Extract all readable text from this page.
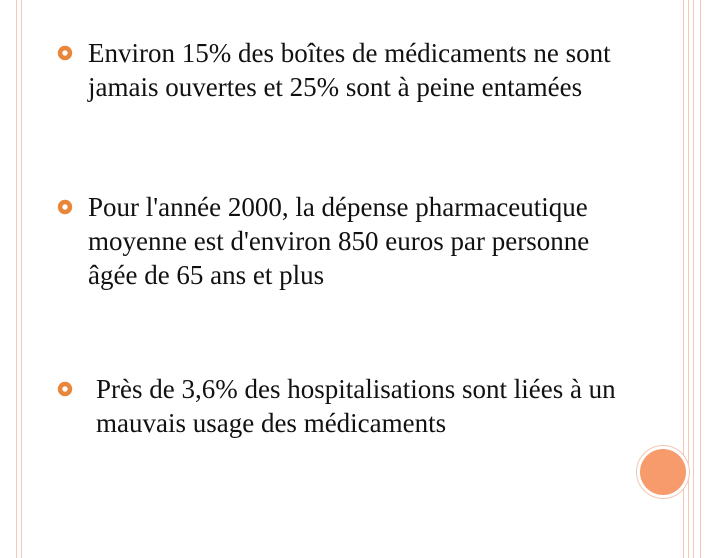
Environ 15% des boîtes de médicaments ne sont jamais ouvertes et 25% sont à peine entamées
Pour l'année 2000, la dépense pharmaceutique moyenne est d'environ 850 euros par personne âgée de 65 ans et plus
Près de 3,6% des hospitalisations sont liées à un mauvais usage des médicaments
